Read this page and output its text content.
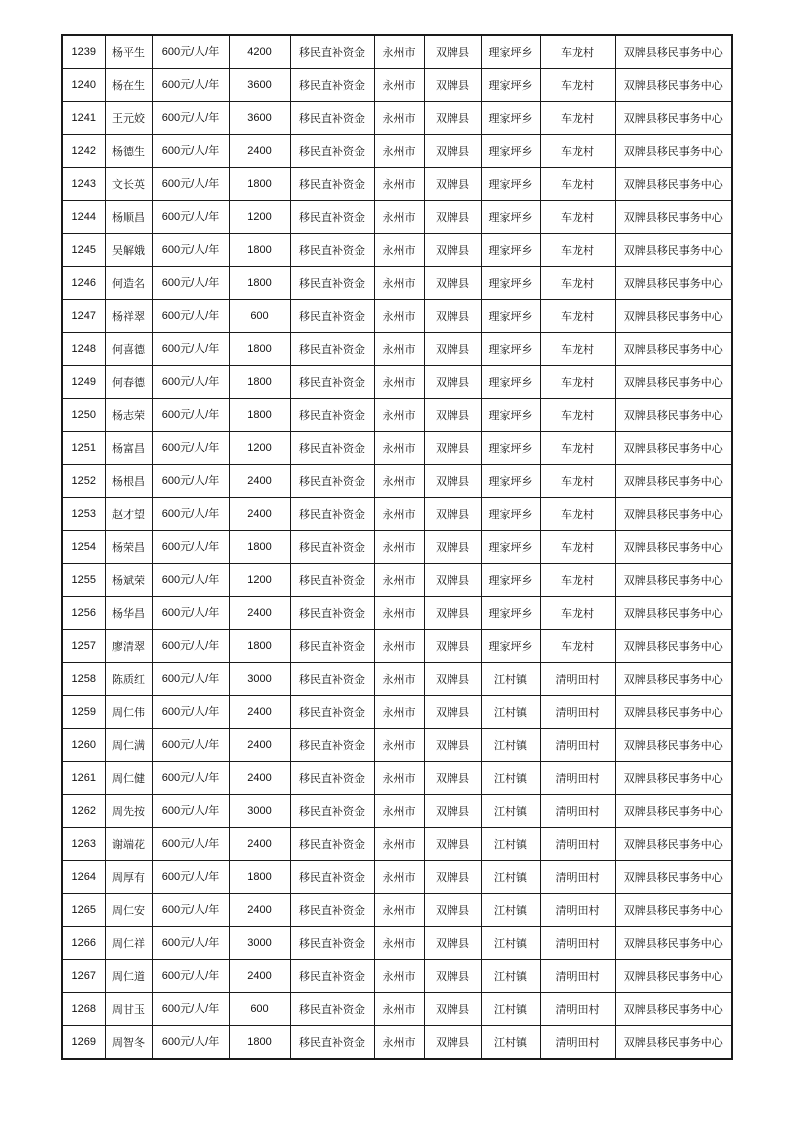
1239	杨平生	600元/人/年	4200	移民直补资金	永州市	双牌县	理家坪乡	车龙村	双牌县移民事务中心
1240	杨在生	600元/人/年	3600	移民直补资金	永州市	双牌县	理家坪乡	车龙村	双牌县移民事务中心
1241	王元姣	600元/人/年	3600	移民直补资金	永州市	双牌县	理家坪乡	车龙村	双牌县移民事务中心
1242	杨德生	600元/人/年	2400	移民直补资金	永州市	双牌县	理家坪乡	车龙村	双牌县移民事务中心
1243	文长英	600元/人/年	1800	移民直补资金	永州市	双牌县	理家坪乡	车龙村	双牌县移民事务中心
1244	杨顺昌	600元/人/年	1200	移民直补资金	永州市	双牌县	理家坪乡	车龙村	双牌县移民事务中心
1245	吴解娥	600元/人/年	1800	移民直补资金	永州市	双牌县	理家坪乡	车龙村	双牌县移民事务中心
1246	何造名	600元/人/年	1800	移民直补资金	永州市	双牌县	理家坪乡	车龙村	双牌县移民事务中心
1247	杨祥翠	600元/人/年	600	移民直补资金	永州市	双牌县	理家坪乡	车龙村	双牌县移民事务中心
1248	何喜德	600元/人/年	1800	移民直补资金	永州市	双牌县	理家坪乡	车龙村	双牌县移民事务中心
1249	何春德	600元/人/年	1800	移民直补资金	永州市	双牌县	理家坪乡	车龙村	双牌县移民事务中心
1250	杨志荣	600元/人/年	1800	移民直补资金	永州市	双牌县	理家坪乡	车龙村	双牌县移民事务中心
1251	杨富昌	600元/人/年	1200	移民直补资金	永州市	双牌县	理家坪乡	车龙村	双牌县移民事务中心
1252	杨根昌	600元/人/年	2400	移民直补资金	永州市	双牌县	理家坪乡	车龙村	双牌县移民事务中心
1253	赵才望	600元/人/年	2400	移民直补资金	永州市	双牌县	理家坪乡	车龙村	双牌县移民事务中心
1254	杨荣昌	600元/人/年	1800	移民直补资金	永州市	双牌县	理家坪乡	车龙村	双牌县移民事务中心
1255	杨斌荣	600元/人/年	1200	移民直补资金	永州市	双牌县	理家坪乡	车龙村	双牌县移民事务中心
1256	杨华昌	600元/人/年	2400	移民直补资金	永州市	双牌县	理家坪乡	车龙村	双牌县移民事务中心
1257	廖清翠	600元/人/年	1800	移民直补资金	永州市	双牌县	理家坪乡	车龙村	双牌县移民事务中心
1258	陈质红	600元/人/年	3000	移民直补资金	永州市	双牌县	江村镇	清明田村	双牌县移民事务中心
1259	周仁伟	600元/人/年	2400	移民直补资金	永州市	双牌县	江村镇	清明田村	双牌县移民事务中心
1260	周仁满	600元/人/年	2400	移民直补资金	永州市	双牌县	江村镇	清明田村	双牌县移民事务中心
1261	周仁健	600元/人/年	2400	移民直补资金	永州市	双牌县	江村镇	清明田村	双牌县移民事务中心
1262	周先按	600元/人/年	3000	移民直补资金	永州市	双牌县	江村镇	清明田村	双牌县移民事务中心
1263	谢端花	600元/人/年	2400	移民直补资金	永州市	双牌县	江村镇	清明田村	双牌县移民事务中心
1264	周厚有	600元/人/年	1800	移民直补资金	永州市	双牌县	江村镇	清明田村	双牌县移民事务中心
1265	周仁安	600元/人/年	2400	移民直补资金	永州市	双牌县	江村镇	清明田村	双牌县移民事务中心
1266	周仁祥	600元/人/年	3000	移民直补资金	永州市	双牌县	江村镇	清明田村	双牌县移民事务中心
1267	周仁道	600元/人/年	2400	移民直补资金	永州市	双牌县	江村镇	清明田村	双牌县移民事务中心
1268	周甘玉	600元/人/年	600	移民直补资金	永州市	双牌县	江村镇	清明田村	双牌县移民事务中心
1269	周智冬	600元/人/年	1800	移民直补资金	永州市	双牌县	江村镇	清明田村	双牌县移民事务中心
